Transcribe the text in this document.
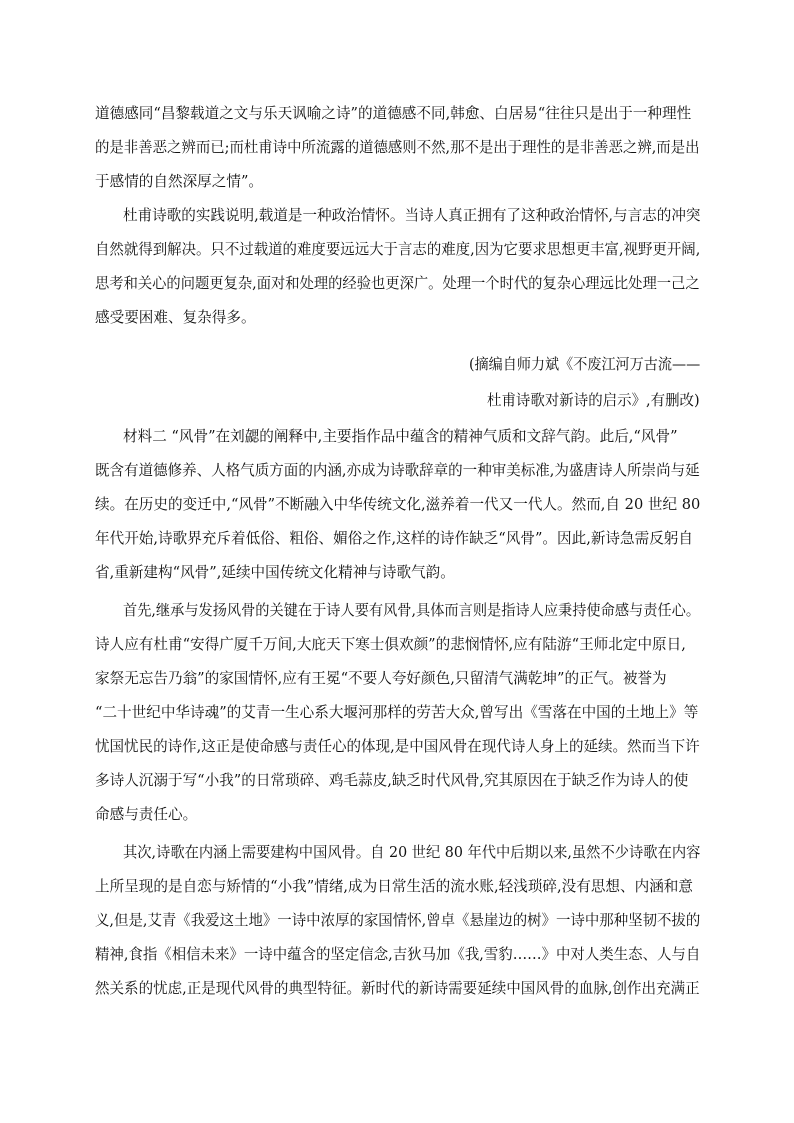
道德感同“昌黎载道之文与乐天讽喻之诗”的道德感不同,韩愈、白居易“往往只是出于一种理性
的是非善恶之辨而已;而杜甫诗中所流露的道德感则不然,那不是出于理性的是非善恶之辨,而是出
于感情的自然深厚之情”。
杜甫诗歌的实践说明,载道是一种政治情怀。当诗人真正拥有了这种政治情怀,与言志的冲突
自然就得到解决。只不过载道的难度要远远大于言志的难度,因为它要求思想更丰富,视野更开阔,
思考和关心的问题更复杂,面对和处理的经验也更深广。处理一个时代的复杂心理远比处理一己之
感受要困难、复杂得多。
(摘编自师力斌《不废江河万古流——
杜甫诗歌对新诗的启示》,有删改)
材料二 “风骨”在刘勰的阐释中,主要指作品中蕴含的精神气质和文辞气韵。此后,“风骨”
既含有道德修养、人格气质方面的内涵,亦成为诗歌辞章的一种审美标准,为盛唐诗人所崇尚与延
续。在历史的变迁中,“风骨”不断融入中华传统文化,滋养着一代又一代人。然而,自 20 世纪 80
年代开始,诗歌界充斥着低俗、粗俗、媚俗之作,这样的诗作缺乏“风骨”。因此,新诗急需反躬自
省,重新建构“风骨”,延续中国传统文化精神与诗歌气韵。
首先,继承与发扬风骨的关键在于诗人要有风骨,具体而言则是指诗人应秉持使命感与责任心。
诗人应有杜甫“安得广厦千万间,大庇天下寒士俱欢颜”的悲悯情怀,应有陆游“王师北定中原日,
家祭无忘告乃翁”的家国情怀,应有王冕“不要人夸好颜色,只留清气满乾坤”的正气。被誉为
“二十世纪中华诗魂”的艾青一生心系大堰河那样的劳苦大众,曾写出《雪落在中国的土地上》等
忧国忧民的诗作,这正是使命感与责任心的体现,是中国风骨在现代诗人身上的延续。然而当下许
多诗人沉溺于写“小我”的日常琐碎、鸡毛蒜皮,缺乏时代风骨,究其原因在于缺乏作为诗人的使
命感与责任心。
其次,诗歌在内涵上需要建构中国风骨。自 20 世纪 80 年代中后期以来,虽然不少诗歌在内容
上所呈现的是自恋与矫情的“小我”情绪,成为日常生活的流水账,轻浅琐碎,没有思想、内涵和意
义,但是,艾青《我爱这土地》一诗中浓厚的家国情怀,曾卓《悬崖边的树》一诗中那种坚韧不拔的
精神,食指《相信未来》一诗中蕴含的坚定信念,吉狄马加《我,雪豹……》中对人类生态、人与自
然关系的忧虑,正是现代风骨的典型特征。新时代的新诗需要延续中国风骨的血脉,创作出充满正
